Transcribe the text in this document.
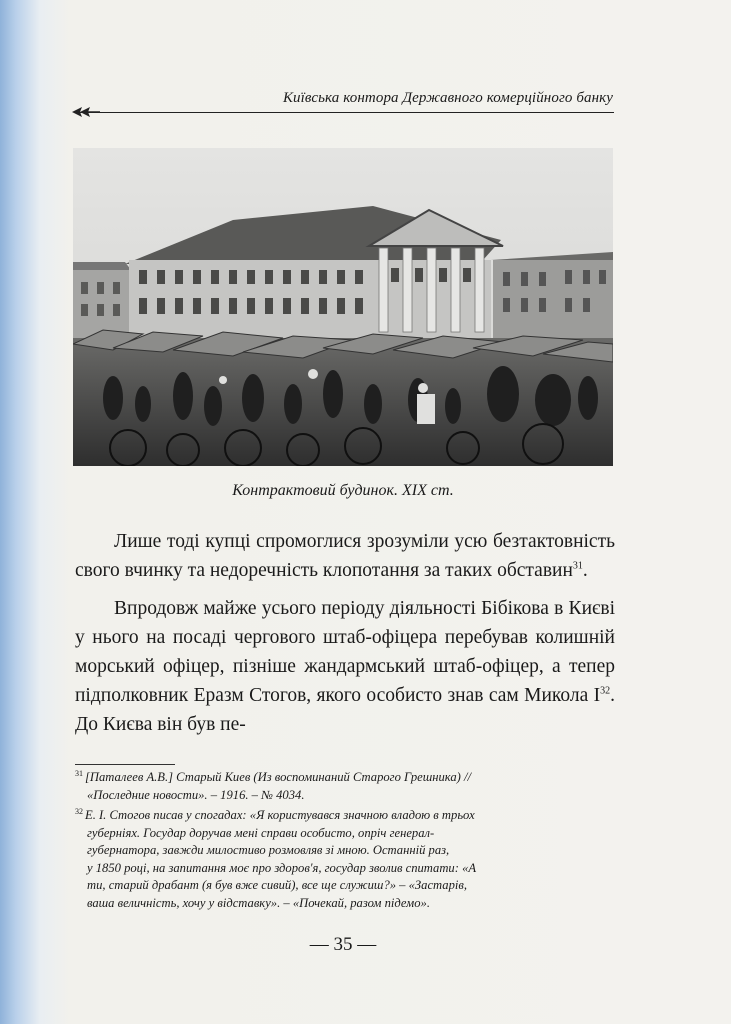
Київська контора Державного комерційного банку
Контрактовий будинок. XIX ст.

Лише тоді купці спромоглися зрозуміли усю безтактовність свого вчинку та недоречність клопотання за таких обставин$^{31}$.

Впродовж майже усього періоду діяльності Бібікова в Києві у нього на посаді чергового штаб-офіцера перебував колишній морський офіцер, пізніше жандармський штаб-офіцер, а тепер підполковник Еразм Стогов, якого особисто знав сам Микола $I^{32}$. До Києва він був пе-

$^{31}$ [Паталеев А.В.] Старый Киев (Из воспоминаний Старого Грешника) //
«Последние новости». – 1916. – № 4034.
$^{32}$ Е. І. Стогов писав у спогадах: «Я користувався значною владою в трьох
губерніях. Государ доручав мені справи особисто, опріч генерал-
губернатора, завжди милостиво розмовляв зі мною. Останній раз,
у 1850 році, на запитання моє про здоров'я, государ зволив спитати: «А
ти, старий драбант (я був вже сивий), все ще служиш?» – «Застарів,
ваша величність, хочу у відставку». – «Почекай, разом підемо».
— 35 —
